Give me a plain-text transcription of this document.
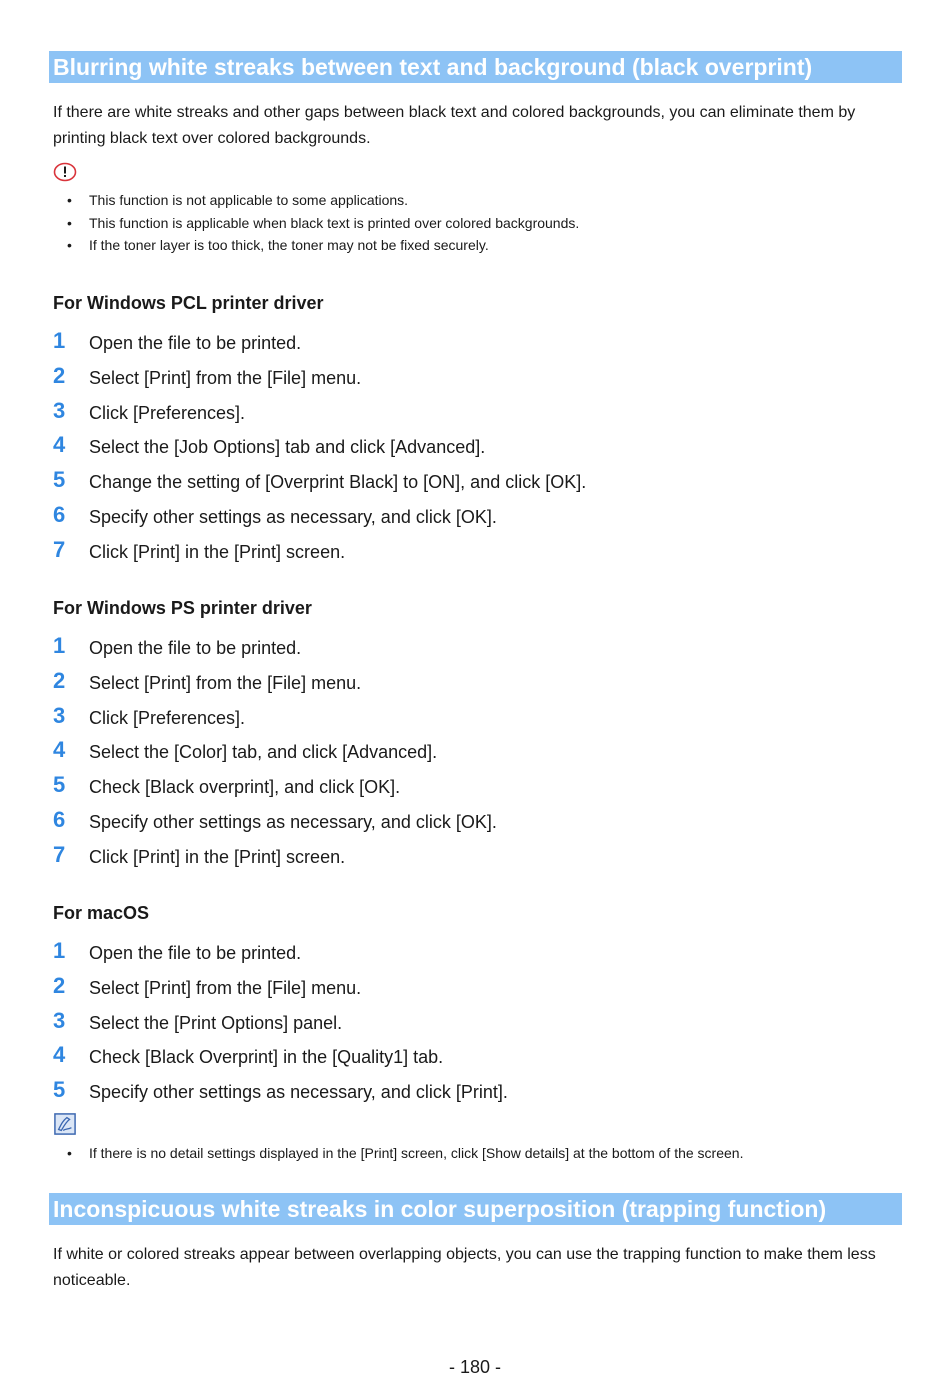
Blurring white streaks between text and background (black overprint)
If there are white streaks and other gaps between black text and colored backgrounds, you can eliminate them by printing black text over colored backgrounds.
• This function is not applicable to some applications.
• This function is applicable when black text is printed over colored backgrounds.
• If the toner layer is too thick, the toner may not be fixed securely.
For Windows PCL printer driver
1	Open the file to be printed.
2	Select [Print] from the [File] menu.
3	Click [Preferences].
4	Select the [Job Options] tab and click [Advanced].
5	Change the setting of [Overprint Black] to [ON], and click [OK].
6	Specify other settings as necessary, and click [OK].
7	Click [Print] in the [Print] screen.
For Windows PS printer driver
1	Open the file to be printed.
2	Select [Print] from the [File] menu.
3	Click [Preferences].
4	Select the [Color] tab, and click [Advanced].
5	Check [Black overprint], and click [OK].
6	Specify other settings as necessary, and click [OK].
7	Click [Print] in the [Print] screen.
For macOS
1	Open the file to be printed.
2	Select [Print] from the [File] menu.
3	Select the [Print Options] panel.
4	Check [Black Overprint] in the [Quality1] tab.
5	Specify other settings as necessary, and click [Print].
• If there is no detail settings displayed in the [Print] screen, click [Show details] at the bottom of the screen.
Inconspicuous white streaks in color superposition (trapping function)
If white or colored streaks appear between overlapping objects, you can use the trapping function to make them less noticeable.
- 180 -
